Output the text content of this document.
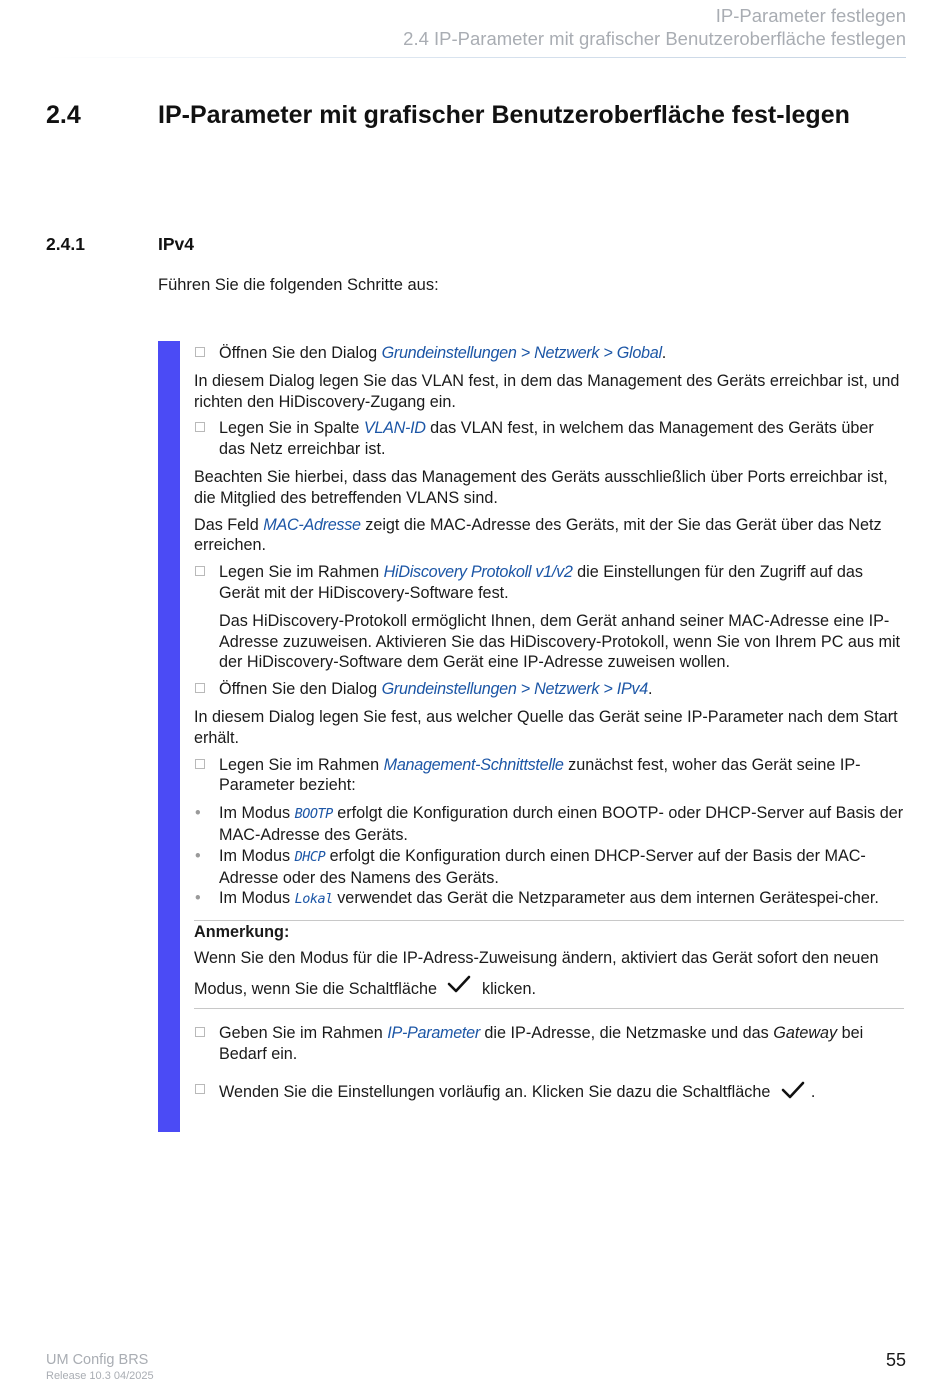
IP-Parameter festlegen
2.4 IP-Parameter mit grafischer Benutzeroberfläche festlegen
2.4	IP-Parameter mit grafischer Benutzeroberfläche fest-legen
2.4.1	IPv4
Führen Sie die folgenden Schritte aus:

Öffnen Sie den Dialog Grundeinstellungen > Netzwerk > Global.

In diesem Dialog legen Sie das VLAN fest, in dem das Management des Geräts erreichbar ist, und richten den HiDiscovery-Zugang ein.

Legen Sie in Spalte VLAN-ID das VLAN fest, in welchem das Management des Geräts über das Netz erreichbar ist.

Beachten Sie hierbei, dass das Management des Geräts ausschließlich über Ports erreichbar ist, die Mitglied des betreffenden VLANS sind.

Das Feld MAC-Adresse zeigt die MAC-Adresse des Geräts, mit der Sie das Gerät über das Netz erreichen.

Legen Sie im Rahmen HiDiscovery Protokoll v1/v2 die Einstellungen für den Zugriff auf das Gerät mit der HiDiscovery-Software fest.

Das HiDiscovery-Protokoll ermöglicht Ihnen, dem Gerät anhand seiner MAC-Adresse eine IP-Adresse zuzuweisen. Aktivieren Sie das HiDiscovery-Protokoll, wenn Sie von Ihrem PC aus mit der HiDiscovery-Software dem Gerät eine IP-Adresse zuweisen wollen.

Öffnen Sie den Dialog Grundeinstellungen > Netzwerk > IPv4.

In diesem Dialog legen Sie fest, aus welcher Quelle das Gerät seine IP-Parameter nach dem Start erhält.

Legen Sie im Rahmen Management-Schnittstelle zunächst fest, woher das Gerät seine IP-Parameter bezieht:

• Im Modus BOOTP erfolgt die Konfiguration durch einen BOOTP- oder DHCP-Server auf Basis der MAC-Adresse des Geräts.
• Im Modus DHCP erfolgt die Konfiguration durch einen DHCP-Server auf der Basis der MAC-Adresse oder des Namens des Geräts.
• Im Modus Lokal verwendet das Gerät die Netzparameter aus dem internen Gerätespei-cher.
Anmerkung:
Wenn Sie den Modus für die IP-Adress-Zuweisung ändern, aktiviert das Gerät sofort den neuen Modus, wenn Sie die Schaltfläche	klicken.

Geben Sie im Rahmen IP-Parameter die IP-Adresse, die Netzmaske und das Gateway bei Bedarf ein.

Wenden Sie die Einstellungen vorläufig an. Klicken Sie dazu die Schaltfläche	.

UM Config BRS
Release 10.3 04/2025
55
